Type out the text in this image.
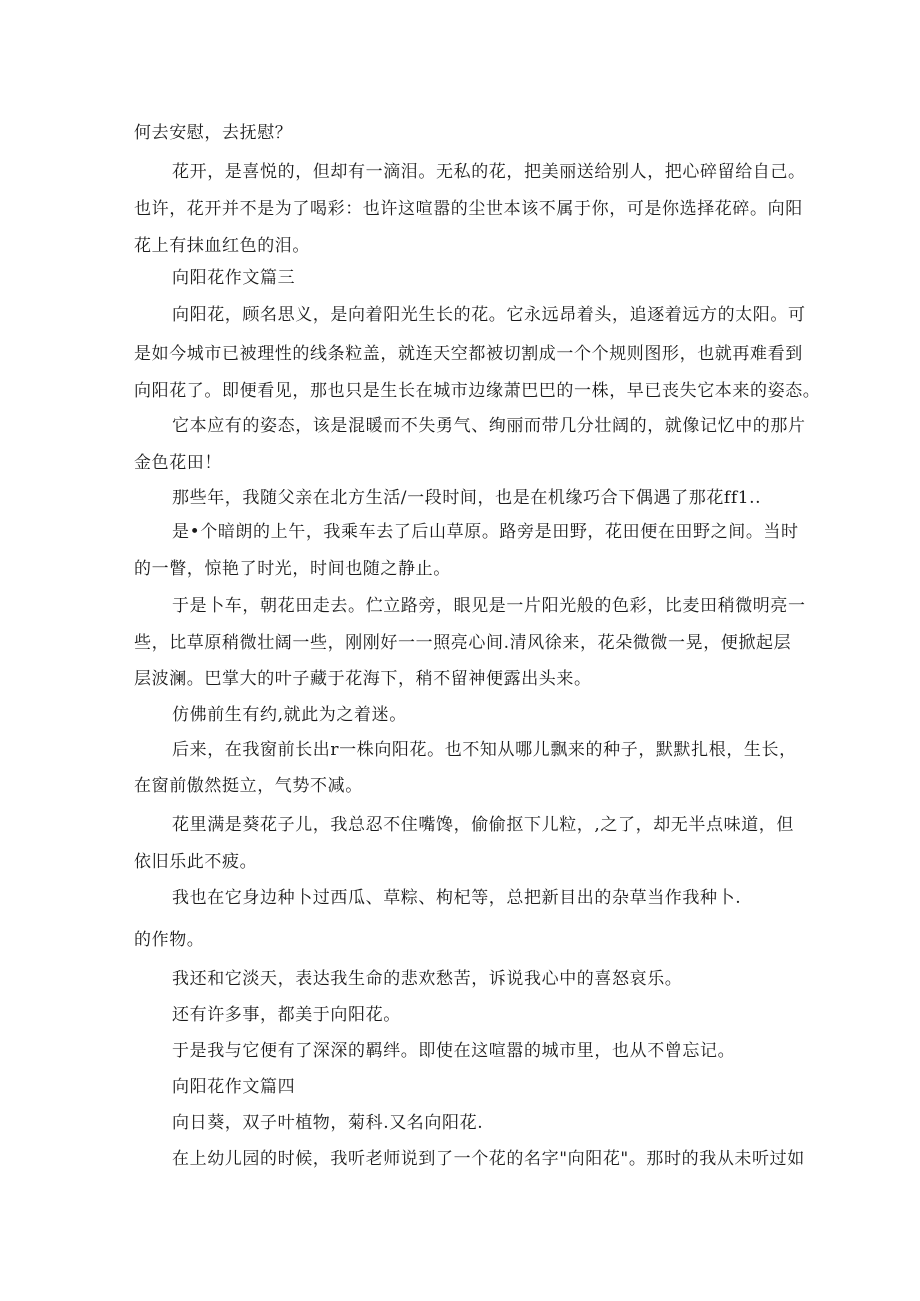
何去安慰，去抚慰？
花开，是喜悦的，但却有一滴泪。无私的花，把美丽送给别人，把心碎留给自己。
也许，花开并不是为了喝彩：也许这喧嚣的尘世本该不属于你，可是你选择花碎。向阳
花上有抹血红色的泪。
向阳花作文篇三
向阳花，顾名思义，是向着阳光生长的花。它永远昂着头，追逐着远方的太阳。可
是如今城市已被理性的线条粒盖，就连天空都被切割成一个个规则图形，也就再难看到
向阳花了。即便看见，那也只是生长在城市边缘萧巴巴的一株，早已丧失它本来的姿态。
它本应有的姿态，该是混暖而不失勇气、绚丽而带几分壮阔的，就像记忆中的那片
金色花田！
那些年，我随父亲在北方生活/一段时间，也是在机缘巧合下偶遇了那花ff1..
是•个暗朗的上午，我乘车去了后山草原。路旁是田野，花田便在田野之间。当时
的一瞥，惊艳了时光，时间也随之静止。
于是卜车，朝花田走去。伫立路旁，眼见是一片阳光般的色彩，比麦田稍微明亮一
些，比草原稍微壮阔一些，刚刚好一一照亮心间.清风徐来，花朵微微一晃，便掀起层
层波澜。巴掌大的叶子藏于花海下，稍不留神便露出头来。
仿佛前生有约,就此为之着迷。
后来，在我窗前长出r一株向阳花。也不知从哪儿飘来的种子，默默扎根，生长，
在窗前傲然挺立，气势不减。
花里满是葵花子儿，我总忍不住嘴馋，偷偷抠下儿粒，,之了，却无半点味道，但
依旧乐此不疲。
我也在它身边种卜过西瓜、草粽、枸杞等，总把新目出的杂草当作我种卜.
的作物。
我还和它淡天，表达我生命的悲欢愁苦，诉说我心中的喜怒哀乐。
还有许多事，都美于向阳花。
于是我与它便有了深深的羁绊。即使在这喧嚣的城市里，也从不曾忘记。
向阳花作文篇四
向日葵，双子叶植物，菊科.又名向阳花.
在上幼儿园的时候，我听老师说到了一个花的名字"向阳花"。那时的我从未听过如
